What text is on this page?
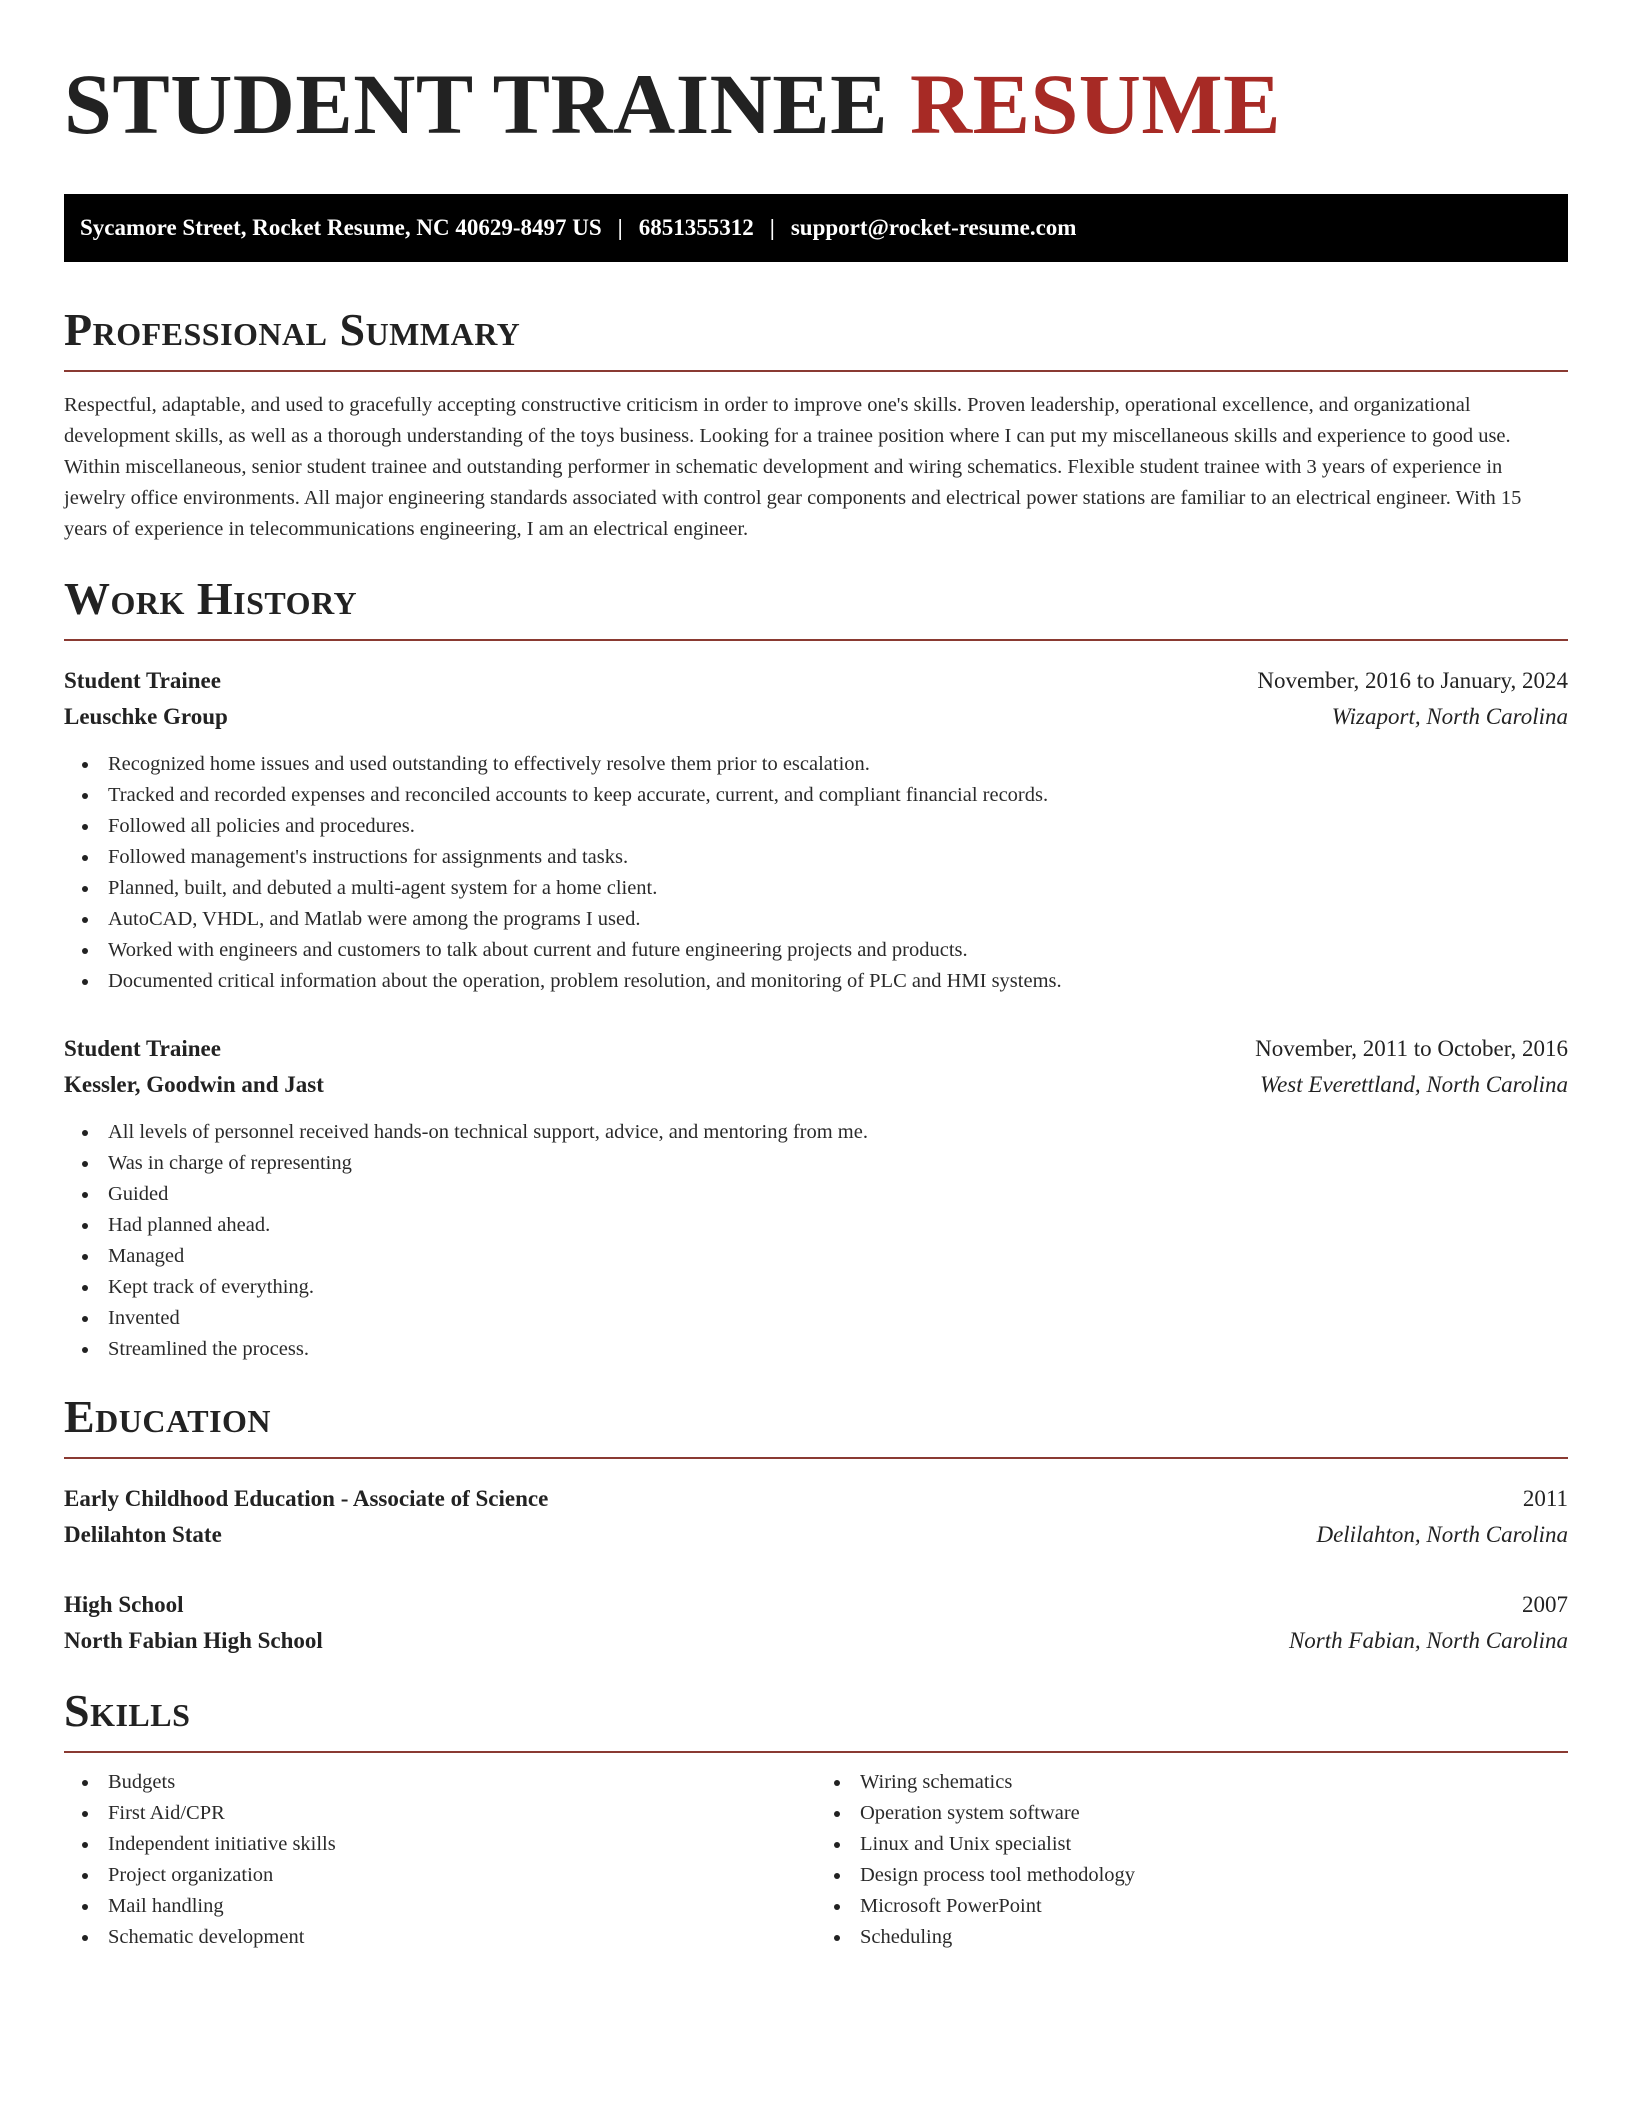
STUDENT TRAINEE RESUME
Sycamore Street, Rocket Resume, NC 40629-8497 US | 6851355312 | support@rocket-resume.com
Professional Summary

Respectful, adaptable, and used to gracefully accepting constructive criticism in order to improve one's skills. Proven leadership, operational excellence, and organizational development skills, as well as a thorough understanding of the toys business. Looking for a trainee position where I can put my miscellaneous skills and experience to good use. Within miscellaneous, senior student trainee and outstanding performer in schematic development and wiring schematics. Flexible student trainee with 3 years of experience in jewelry office environments. All major engineering standards associated with control gear components and electrical power stations are familiar to an electrical engineer. With 15 years of experience in telecommunications engineering, I am an electrical engineer.

Work History
Student Trainee	November, 2016 to January, 2024
Leuschke Group	Wizaport, North Carolina
Recognized home issues and used outstanding to effectively resolve them prior to escalation.
Tracked and recorded expenses and reconciled accounts to keep accurate, current, and compliant financial records.
Followed all policies and procedures.
Followed management's instructions for assignments and tasks.
Planned, built, and debuted a multi-agent system for a home client.
AutoCAD, VHDL, and Matlab were among the programs I used.
Worked with engineers and customers to talk about current and future engineering projects and products.
Documented critical information about the operation, problem resolution, and monitoring of PLC and HMI systems.
Student Trainee	November, 2011 to October, 2016
Kessler, Goodwin and Jast	West Everettland, North Carolina
All levels of personnel received hands-on technical support, advice, and mentoring from me.
Was in charge of representing
Guided
Had planned ahead.
Managed
Kept track of everything.
Invented
Streamlined the process.
Education
Early Childhood Education - Associate of Science	2011
Delilahton State	Delilahton, North Carolina
High School	2007
North Fabian High School	North Fabian, North Carolina
Skills
Budgets
First Aid/CPR
Independent initiative skills
Project organization
Mail handling
Schematic development
Wiring schematics
Operation system software
Linux and Unix specialist
Design process tool methodology
Microsoft PowerPoint
Scheduling
